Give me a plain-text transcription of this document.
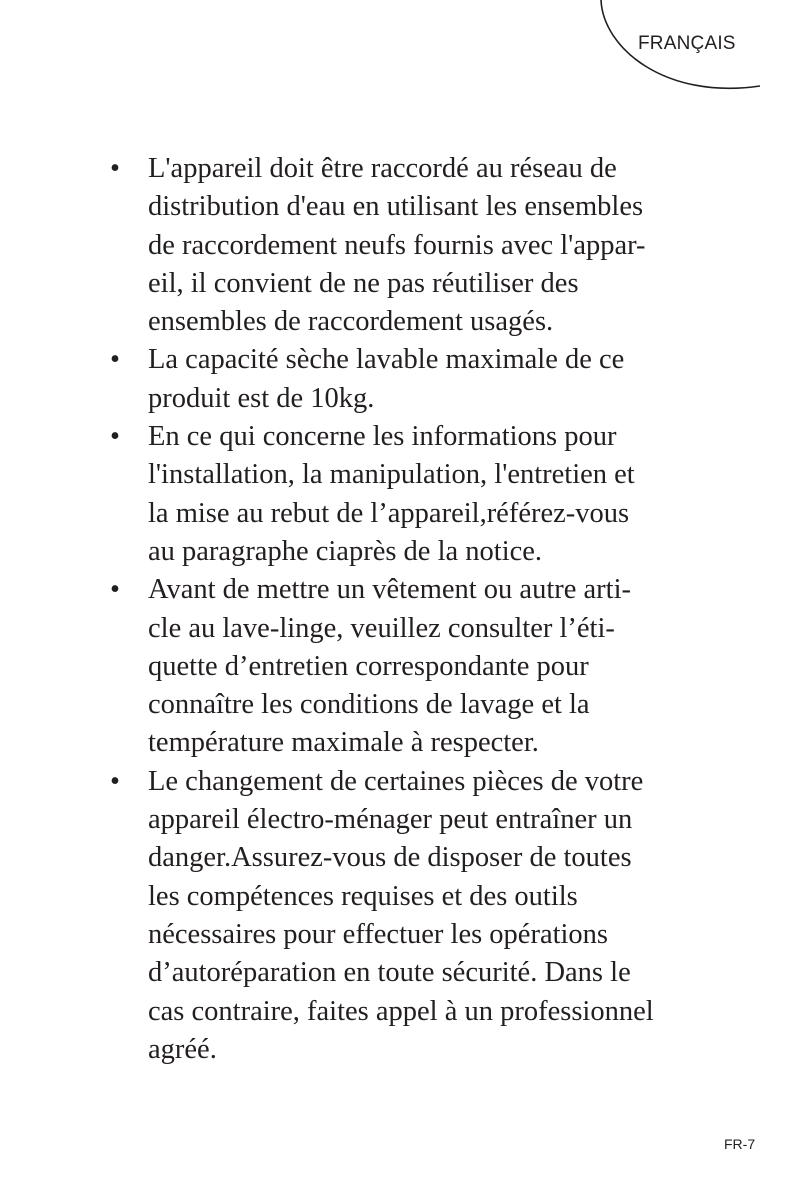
FRANÇAIS
• L'appareil doit être raccordé au réseau de
distribution d'eau en utilisant les ensembles
de raccordement neufs fournis avec l'appar-
eil, il convient de ne pas réutiliser des
ensembles de raccordement usagés.
• La capacité sèche lavable maximale de ce
produit est de 10kg.
• En ce qui concerne les informations pour
l'installation, la manipulation, l'entretien et
la mise au rebut de l’appareil,référez-vous
au paragraphe ciaprès de la notice.
• Avant de mettre un vêtement ou autre arti-
cle au lave-linge, veuillez consulter l’éti-
quette d’entretien correspondante pour
connaître les conditions de lavage et la
température maximale à respecter.
• Le changement de certaines pièces de votre
appareil électro-ménager peut entraîner un
danger.Assurez-vous de disposer de toutes
les compétences requises et des outils
nécessaires pour effectuer les opérations
d’autoréparation en toute sécurité. Dans le
cas contraire, faites appel à un professionnel
agréé.
FR-7
